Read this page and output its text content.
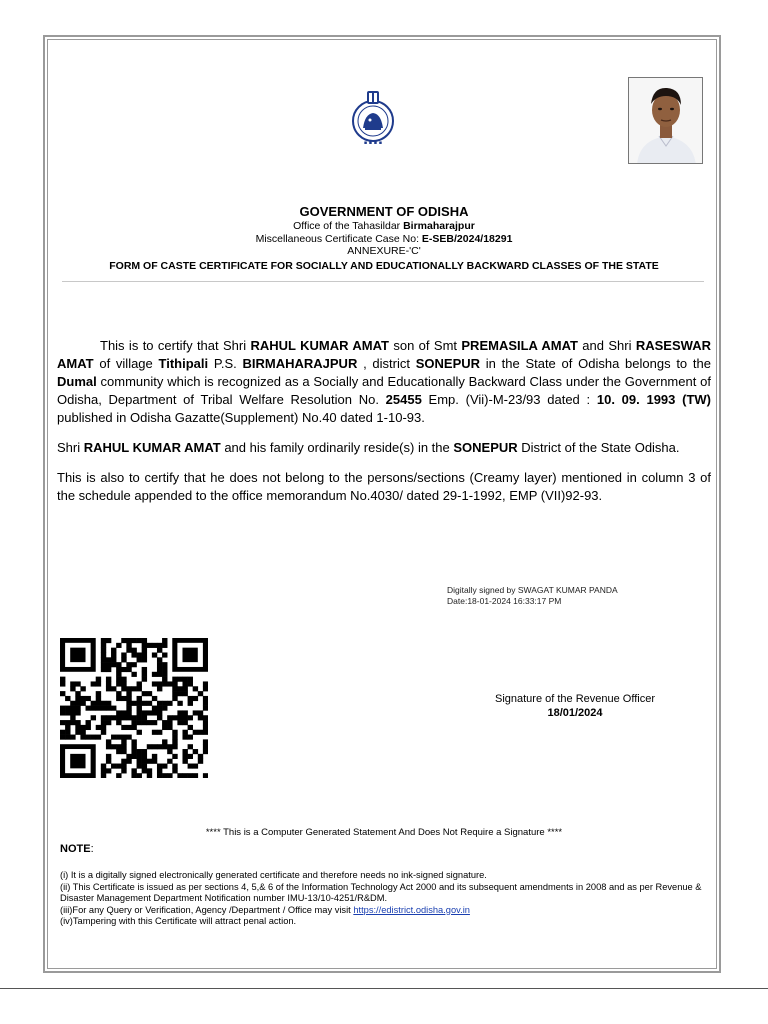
▪ ▪ ▪ ▪
GOVERNMENT OF ODISHA
Office of the Tahasildar Birmaharajpur
Miscellaneous Certificate Case No: E-SEB/2024/18291
ANNEXURE-'C'
FORM OF CASTE CERTIFICATE FOR SOCIALLY AND EDUCATIONALLY BACKWARD CLASSES OF THE STATE

This is to certify that Shri RAHUL KUMAR AMAT son of Smt PREMASILA AMAT and Shri RASESWAR AMAT of village Tithipali P.S. BIRMAHARAJPUR , district SONEPUR in the State of Odisha belongs to the Dumal community which is recognized as a Socially and Educationally Backward Class under the Government of Odisha, Department of Tribal Welfare Resolution No. 25455 Emp. (Vii)-M-23/93 dated : 10. 09. 1993 (TW) published in Odisha Gazatte(Supplement) No.40 dated 1-10-93.

Shri RAHUL KUMAR AMAT and his family ordinarily reside(s) in the SONEPUR District of the State Odisha.

This is also to certify that he does not belong to the persons/sections (Creamy layer) mentioned in column 3 of the schedule appended to the office memorandum No.4030/ dated 29-1-1992, EMP (VII)92-93.

Digitally signed by SWAGAT KUMAR PANDA
Date:18-01-2024 16:33:17 PM
Signature of the Revenue Officer
18/01/2024
**** This is a Computer Generated Statement And Does Not Require a Signature ****
NOTE:
(i) It is a digitally signed electronically generated certificate and therefore needs no ink-signed signature.
(ii) This Certificate is issued as per sections 4, 5,& 6 of the Information Technology Act 2000 and its subsequent amendments in 2008 and as per Revenue & Disaster Management Department Notification number IMU-13/10-4251/R&DM.
(iii)For any Query or Verification, Agency /Department / Office may visit https://edistrict.odisha.gov.in
(iv)Tampering with this Certificate will attract penal action.
